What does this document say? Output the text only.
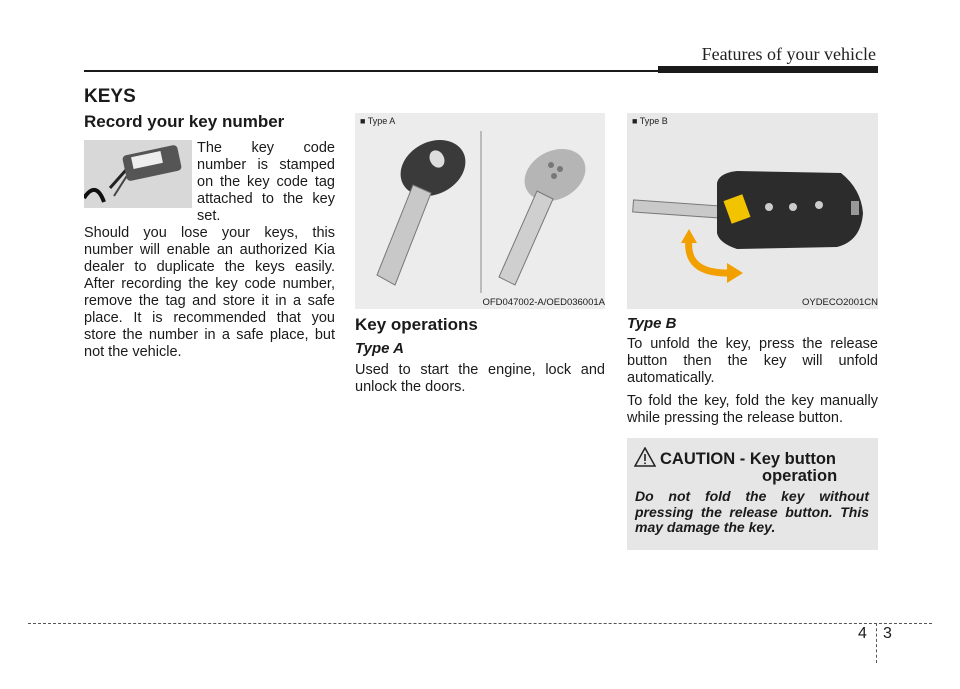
Features of your vehicle
KEYS
Record your key number
The key code number is stamped on the key code tag attached to the key set.
Should you lose your keys, this number will enable an authorized Kia dealer to duplicate the keys easily. After recording the key code number, remove the tag and store it in a safe place. It is recommended that you store the number in a safe place, but not the vehicle.
■ Type A
OFD047002-A/OED036001A
■ Type B
OYDECO2001CN
Key operations
Type A
Used to start the engine, lock and unlock the doors.
Type B
To unfold the key, press the release button then the key will unfold automatically.
To fold the key, fold the key manually while pressing the release button.
CAUTION - Key button
operation
Do not fold the key without pressing the release button. This may damage the key.
4 3
